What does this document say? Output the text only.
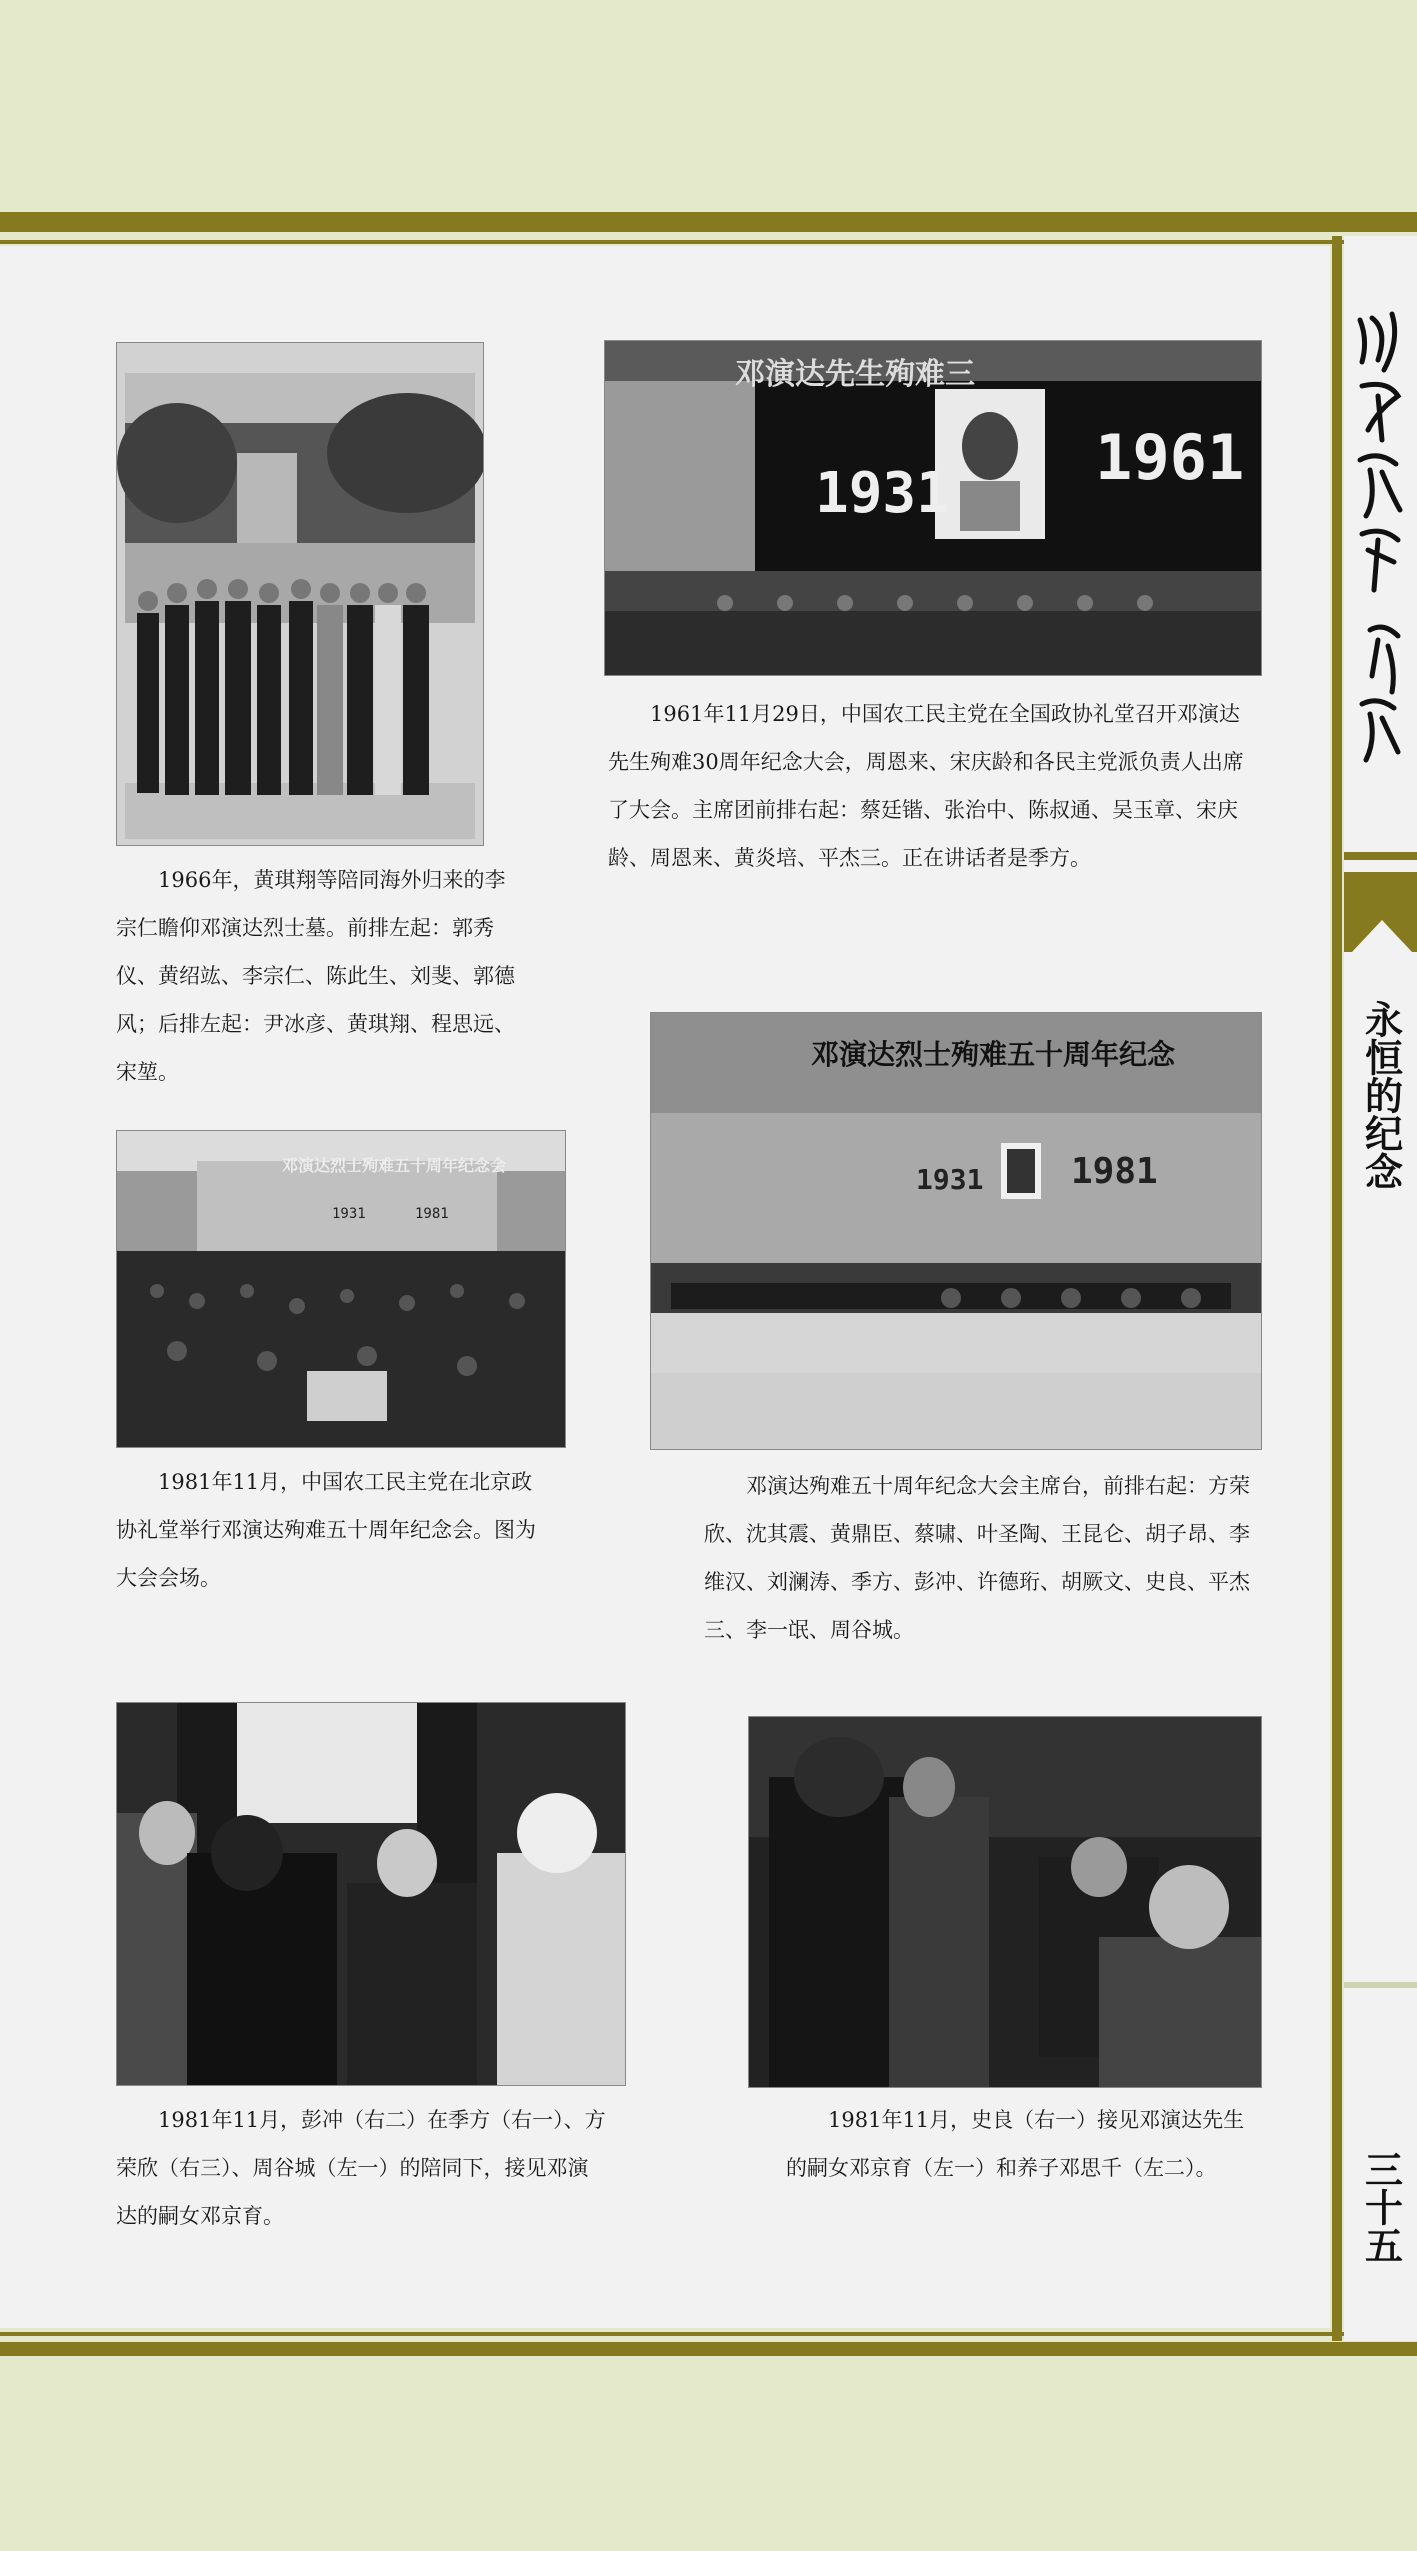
永恒的纪念
三十五
邓演达先生殉难三
1931 1961

1961年11月29日，中国农工民主党在全国政协礼堂召开邓演达先生殉难30周年纪念大会，周恩来、宋庆龄和各民主党派负责人出席了大会。主席团前排右起：蔡廷锴、张治中、陈叔通、吴玉章、宋庆龄、周恩来、黄炎培、平杰三。正在讲话者是季方。

1966年，黄琪翔等陪同海外归来的李宗仁瞻仰邓演达烈士墓。前排左起：郭秀仪、黄绍竑、李宗仁、陈此生、刘斐、郭德风；后排左起：尹冰彦、黄琪翔、程思远、宋堃。

邓演达烈士殉难五十周年纪念
1931 1981
邓演达烈士殉难五十周年纪念会
1931	1981

1981年11月，中国农工民主党在北京政协礼堂举行邓演达殉难五十周年纪念会。图为大会会场。

邓演达殉难五十周年纪念大会主席台，前排右起：方荣欣、沈其震、黄鼎臣、蔡啸、叶圣陶、王昆仑、胡子昂、李维汉、刘澜涛、季方、彭冲、许德珩、胡厥文、史良、平杰三、李一氓、周谷城。

1981年11月，彭冲（右二）在季方（右一）、方荣欣（右三）、周谷城（左一）的陪同下，接见邓演达的嗣女邓京育。

1981年11月，史良（右一）接见邓演达先生的嗣女邓京育（左一）和养子邓思千（左二）。
